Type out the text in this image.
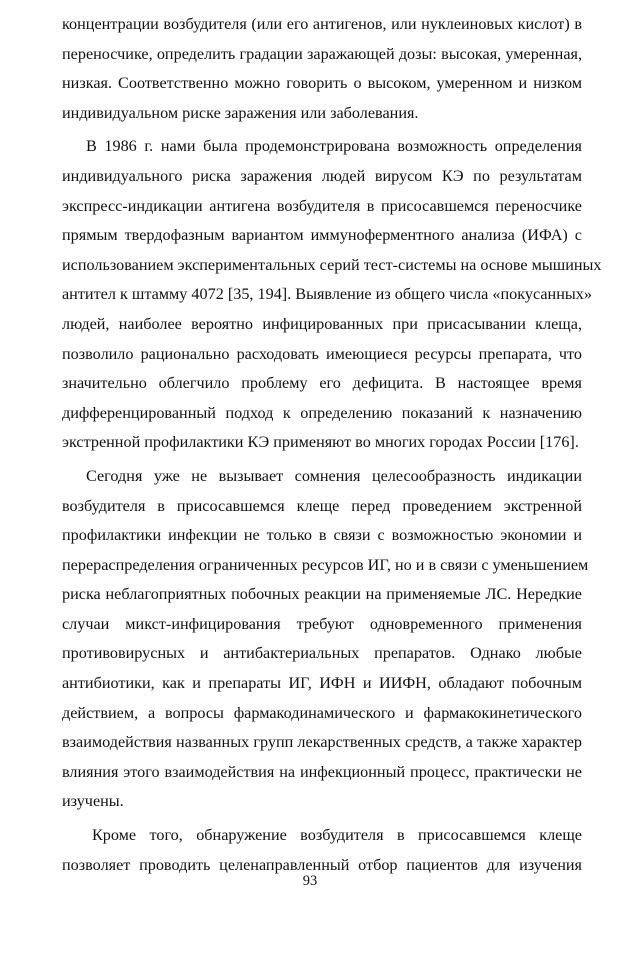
концентрации возбудителя (или его антигенов, или нуклеиновых кислот) в
переносчике, определить градации заражающей дозы: высокая, умеренная,
низкая. Соответственно можно говорить о высоком, умеренном и низком
индивидуальном риске заражения или заболевания.
В 1986 г. нами была продемонстрирована возможность определения
индивидуального риска заражения людей вирусом КЭ по результатам
экспресс-индикации антигена возбудителя в присосавшемся переносчике
прямым твердофазным вариантом иммуноферментного анализа (ИФА) с
использованием экспериментальных серий тест-системы на основе мышиных
антител к штамму 4072 [35, 194]. Выявление из общего числа «покусанных»
людей, наиболее вероятно инфицированных при присасывании клеща,
позволило рационально расходовать имеющиеся ресурсы препарата, что
значительно облегчило проблему его дефицита. В настоящее время
дифференцированный подход к определению показаний к назначению
экстренной профилактики КЭ применяют во многих городах России [176].
Сегодня уже не вызывает сомнения целесообразность индикации
возбудителя в присосавшемся клеще перед проведением экстренной
профилактики инфекции не только в связи с возможностью экономии и
перераспределения ограниченных ресурсов ИГ, но и в связи с уменьшением
риска неблагоприятных побочных реакции на применяемые ЛС. Нередкие
случаи микст-инфицирования требуют одновременного применения
противовирусных и антибактериальных препаратов. Однако любые
антибиотики, как и препараты ИГ, ИФН и ИИФН, обладают побочным
действием, а вопросы фармакодинамического и фармакокинетического
взаимодействия названных групп лекарственных средств, а также характер
влияния этого взаимодействия на инфекционный процесс, практически не
изучены.
Кроме того, обнаружение возбудителя в присосавшемся клеще
позволяет проводить целенаправленный отбор пациентов для изучения
93
